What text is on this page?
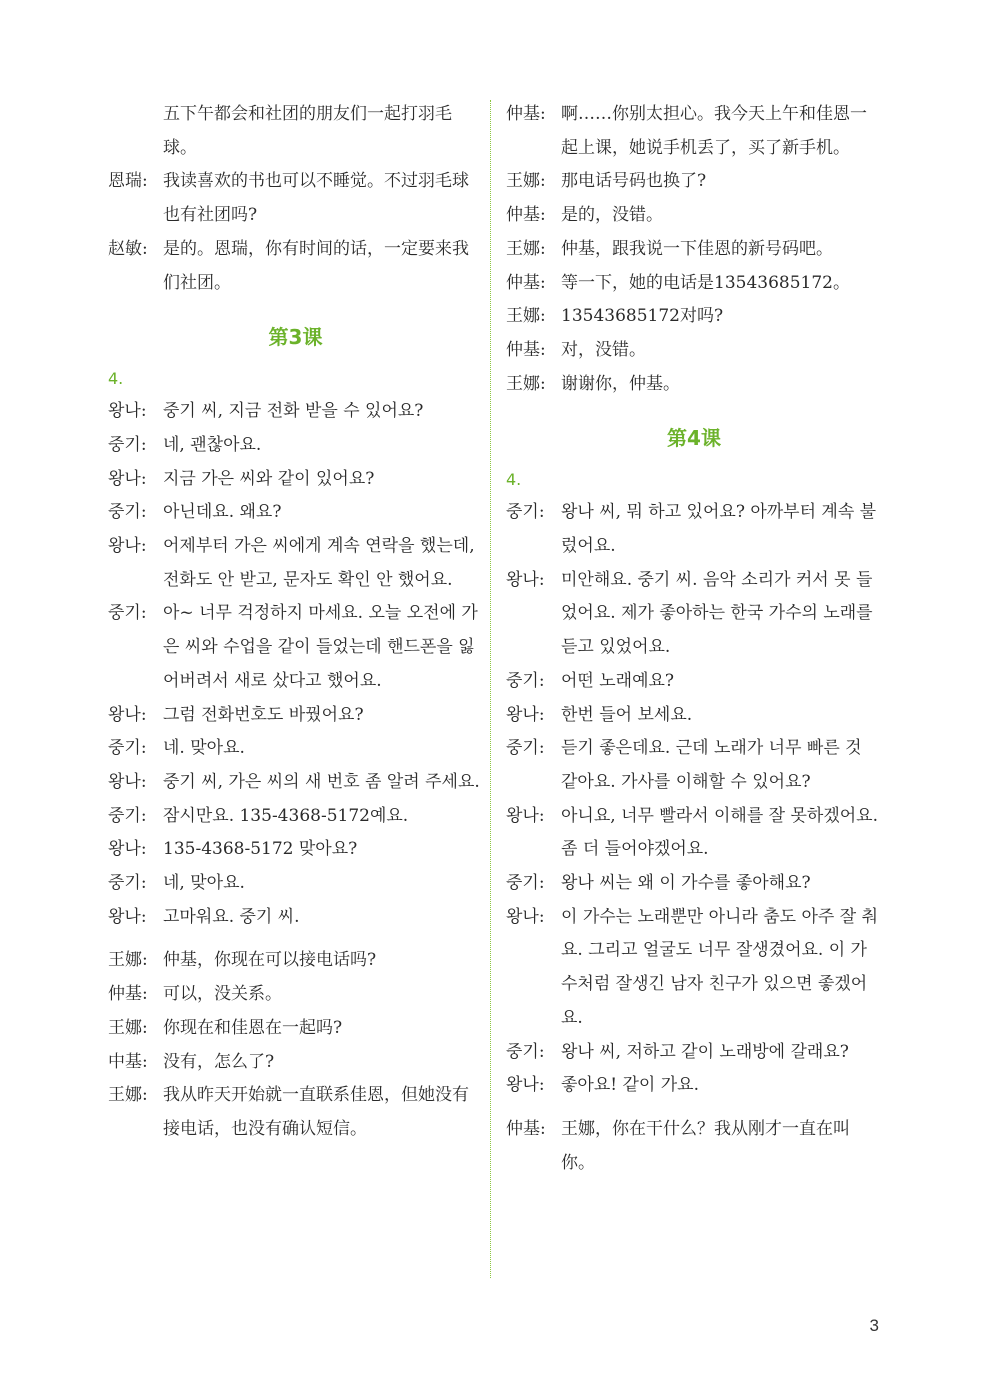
五下午都会和社团的朋友们一起打羽毛球。
恩瑞: 我读喜欢的书也可以不睡觉。不过羽毛球也有社团吗?
赵敏: 是的。恩瑞，你有时间的话，一定要来我们社团。
第3课
4.
왕나: 중기 씨, 지금 전화 받을 수 있어요?
중기: 네, 괜찮아요.
왕나: 지금 가은 씨와 같이 있어요?
중기: 아닌데요. 왜요?
왕나: 어제부터 가은 씨에게 계속 연락을 했는데, 전화도 안 받고, 문자도 확인 안 했어요.
중기: 아~ 너무 걱정하지 마세요. 오늘 오전에 가은 씨와 수업을 같이 들었는데 핸드폰을 잃어버려서 새로 샀다고 했어요.
왕나: 그럼 전화번호도 바꿨어요?
중기: 네. 맞아요.
왕나: 중기 씨, 가은 씨의 새 번호 좀 알려 주세요.
중기: 잠시만요. 135-4368-5172예요.
왕나: 135-4368-5172 맞아요?
중기: 네, 맞아요.
왕나: 고마워요. 중기 씨.
王娜: 仲基，你现在可以接电话吗?
仲基: 可以，没关系。
王娜: 你现在和佳恩在一起吗?
中基: 没有，怎么了?
王娜: 我从昨天开始就一直联系佳恩，但她没有接电话，也没有确认短信。
仲基: 啊……你别太担心。我今天上午和佳恩一起上课，她说手机丢了，买了新手机。
王娜: 那电话号码也换了?
仲基: 是的，没错。
王娜: 仲基，跟我说一下佳恩的新号码吧。
仲基: 等一下，她的电话是13543685172。
王娜: 13543685172对吗?
仲基: 对，没错。
王娜: 谢谢你，仲基。
第4课
4.
중기: 왕나 씨, 뭐 하고 있어요? 아까부터 계속 불렀어요.
왕나: 미안해요. 중기 씨. 음악 소리가 커서 못 들었어요. 제가 좋아하는 한국 가수의 노래를 듣고 있었어요.
중기: 어떤 노래예요?
왕나: 한번 들어 보세요.
중기: 듣기 좋은데요. 근데 노래가 너무 빠른 것 같아요. 가사를 이해할 수 있어요?
왕나: 아니요, 너무 빨라서 이해를 잘 못하겠어요. 좀 더 들어야겠어요.
중기: 왕나 씨는 왜 이 가수를 좋아해요?
왕나: 이 가수는 노래뿐만 아니라 춤도 아주 잘 춰요. 그리고 얼굴도 너무 잘생겼어요. 이 가수처럼 잘생긴 남자 친구가 있으면 좋겠어요.
중기: 왕나 씨, 저하고 같이 노래방에 갈래요?
왕나: 좋아요! 같이 가요.
仲基: 王娜，你在干什么？我从刚才一直在叫你。
3
